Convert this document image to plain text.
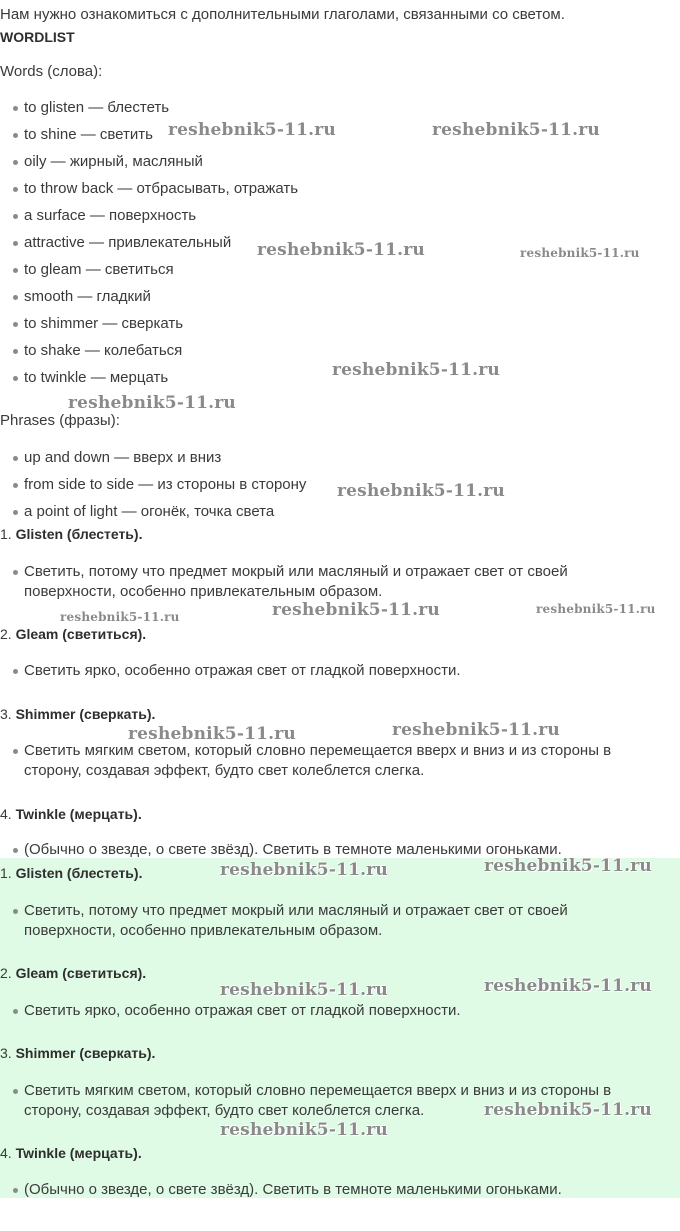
Нам нужно ознакомиться с дополнительными глаголами, связанными со светом.
WORDLIST
Words (слова):
to glisten — блестеть
to shine — светить
oily — жирный, масляный
to throw back — отбрасывать, отражать
a surface — поверхность
attractive — привлекательный
to gleam — светиться
smooth — гладкий
to shimmer — сверкать
to shake — колебаться
to twinkle — мерцать
Phrases (фразы):
up and down — вверх и вниз
from side to side — из стороны в сторону
a point of light — огонёк, точка света
1. Glisten (блестеть).
Светить, потому что предмет мокрый или масляный и отражает свет от своей
поверхности, особенно привлекательным образом.
2. Gleam (светиться).
Светить ярко, особенно отражая свет от гладкой поверхности.
3. Shimmer (сверкать).
Светить мягким светом, который словно перемещается вверх и вниз и из стороны в
сторону, создавая эффект, будто свет колеблется слегка.
4. Twinkle (мерцать).
(Обычно о звезде, о свете звёзд). Светить в темноте маленькими огоньками.
1. Glisten (блестеть).
Светить, потому что предмет мокрый или масляный и отражает свет от своей
поверхности, особенно привлекательным образом.
2. Gleam (светиться).
Светить ярко, особенно отражая свет от гладкой поверхности.
3. Shimmer (сверкать).
Светить мягким светом, который словно перемещается вверх и вниз и из стороны в
сторону, создавая эффект, будто свет колеблется слегка.
4. Twinkle (мерцать).
(Обычно о звезде, о свете звёзд). Светить в темноте маленькими огоньками.
reshebnik5-11.ru	reshebnik5-11.ru
reshebnik5-11.ru	reshebnik5-11.ru
reshebnik5-11.ru
reshebnik5-11.ru
reshebnik5-11.ru
reshebnik5-11.ru	reshebnik5-11.ru	reshebnik5-11.ru
reshebnik5-11.ru	reshebnik5-11.ru
reshebnik5-11.ru	reshebnik5-11.ru
reshebnik5-11.ru	reshebnik5-11.ru
reshebnik5-11.ru
reshebnik5-11.ru
